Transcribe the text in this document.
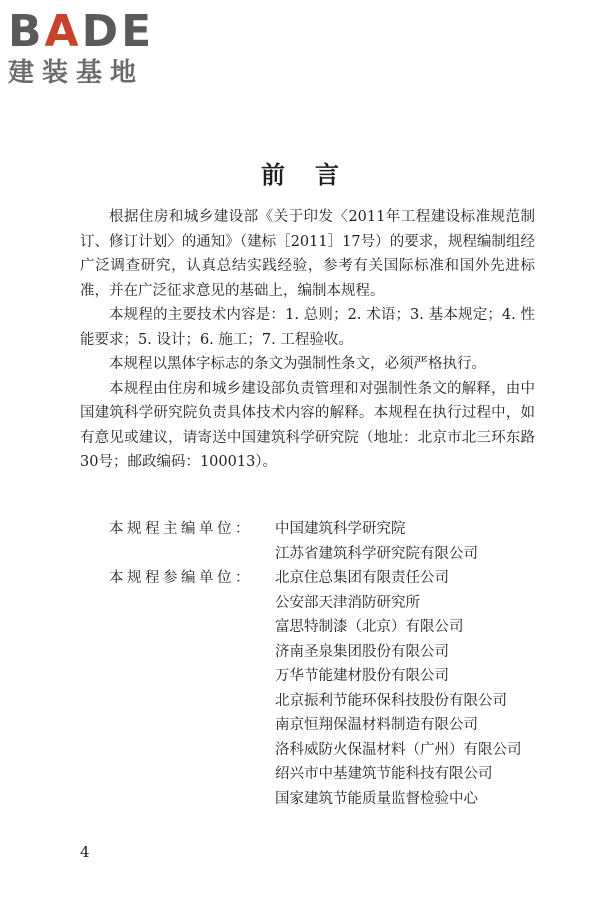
BADE
建装基地
前言

根据住房和城乡建设部《关于印发〈2011年工程建设标准规范制订、修订计划〉的通知》（建标［2011］17号）的要求，规程编制组经广泛调查研究，认真总结实践经验，参考有关国际标准和国外先进标准，并在广泛征求意见的基础上，编制本规程。

本规程的主要技术内容是：1. 总则；2. 术语；3. 基本规定；4. 性能要求；5. 设计；6. 施工；7. 工程验收。

本规程以黑体字标志的条文为强制性条文，必须严格执行。

本规程由住房和城乡建设部负责管理和对强制性条文的解释，由中国建筑科学研究院负责具体技术内容的解释。本规程在执行过程中，如有意见或建议，请寄送中国建筑科学研究院（地址：北京市北三环东路30号；邮政编码：100013）。

本规程主编单位：	中国建筑科学研究院
江苏省建筑科学研究院有限公司
本规程参编单位：	北京住总集团有限责任公司
公安部天津消防研究所
富思特制漆（北京）有限公司
济南圣泉集团股份有限公司
万华节能建材股份有限公司
北京振利节能环保科技股份有限公司
南京恒翔保温材料制造有限公司
洛科威防火保温材料（广州）有限公司
绍兴市中基建筑节能科技有限公司
国家建筑节能质量监督检验中心
4
